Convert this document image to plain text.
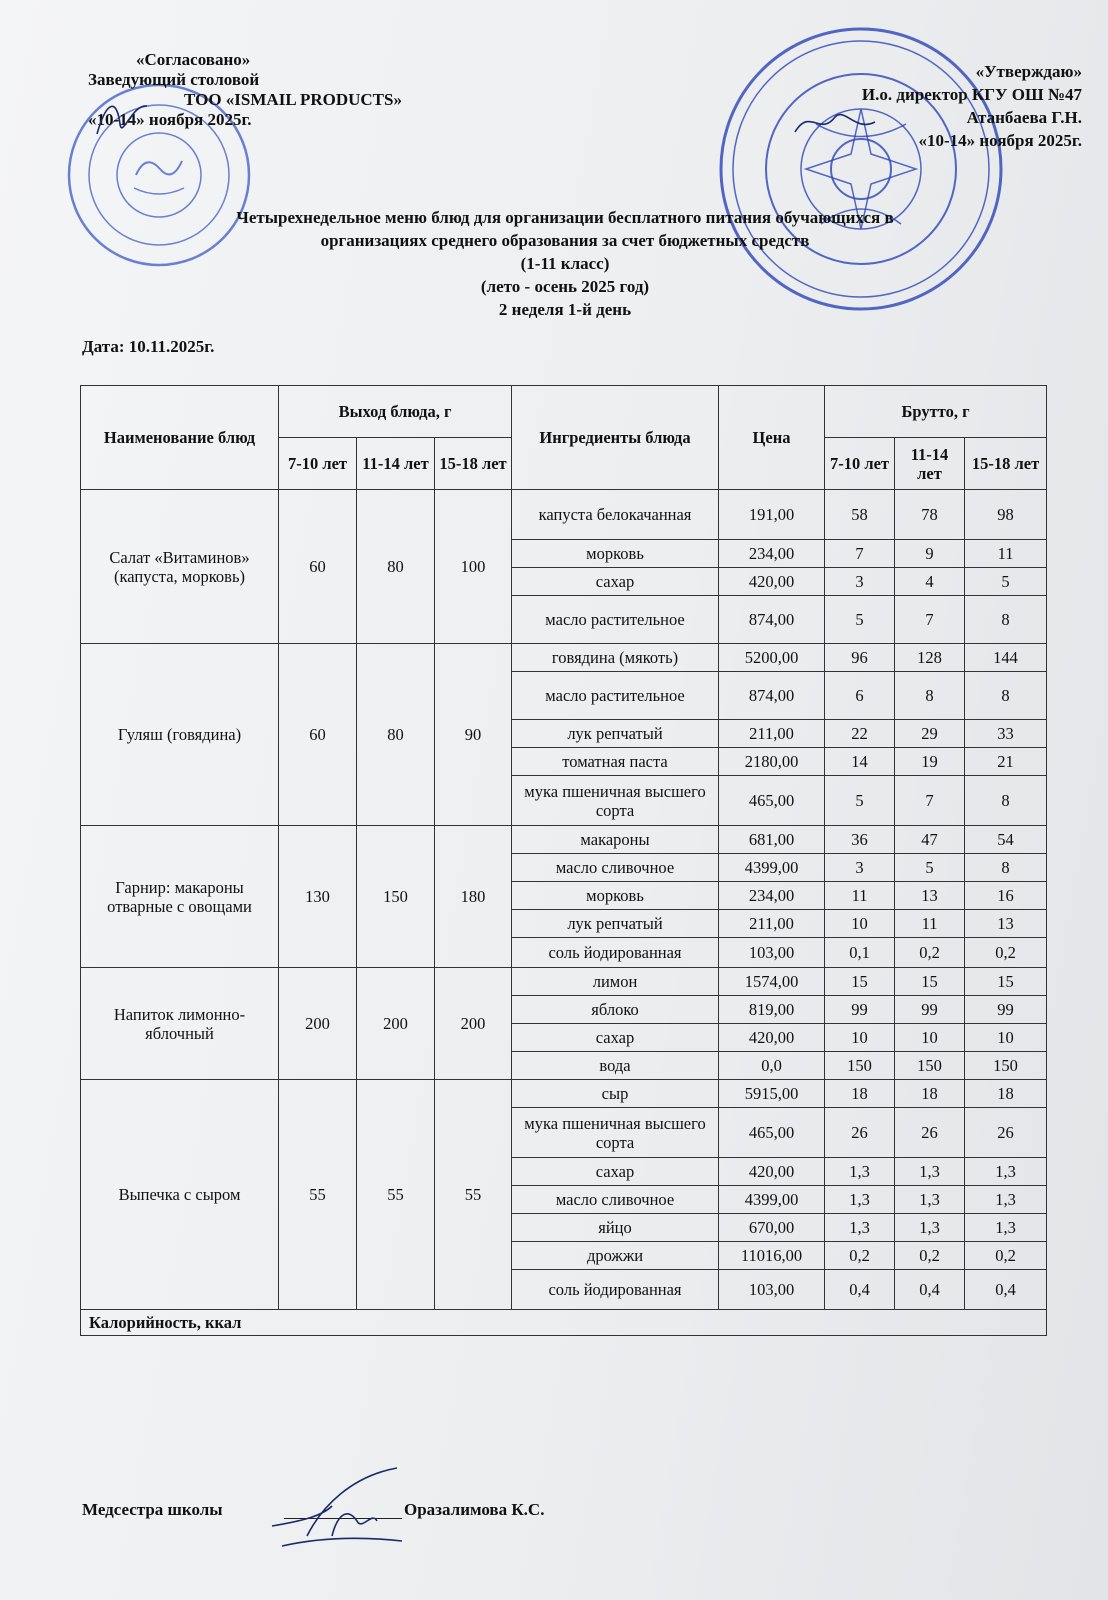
«Согласовано»
Заведующий столовой
ТОО «ISMAIL PRODUCTS»
«10-14» ноября 2025г.
«Утверждаю»
И.о. директор КГУ ОШ №47
Атанбаева Г.Н.
«10-14» ноября 2025г.
Четырехнедельное меню блюд для организации бесплатного питания обучающихся в
организациях среднего образования за счет бюджетных средств
(1-11 класс)
(лето - осень 2025 год)
2 неделя 1-й день
Дата: 10.11.2025г.
Наименование блюд	Выход блюда, г			Ингредиенты блюда	Цена	Брутто, г		
	7-10 лет	11-14 лет	15-18 лет			7-10 лет	11-14 лет	15-18 лет
Салат «Витаминов» (капуста, морковь)	60	80	100	капуста белокачанная	191,00	58	78	98
				морковь	234,00	7	9	11
				сахар	420,00	3	4	5
				масло растительное	874,00	5	7	8
Гуляш (говядина)	60	80	90	говядина (мякоть)	5200,00	96	128	144
				масло растительное	874,00	6	8	8
				лук репчатый	211,00	22	29	33
				томатная паста	2180,00	14	19	21
				мука пшеничная высшего сорта	465,00	5	7	8
Гарнир: макароны отварные с овощами	130	150	180	макароны	681,00	36	47	54
				масло сливочное	4399,00	3	5	8
				морковь	234,00	11	13	16
				лук репчатый	211,00	10	11	13
				соль йодированная	103,00	0,1	0,2	0,2
Напиток лимонно-яблочный	200	200	200	лимон	1574,00	15	15	15
				яблоко	819,00	99	99	99
				сахар	420,00	10	10	10
				вода	0,0	150	150	150
Выпечка с сыром	55	55	55	сыр	5915,00	18	18	18
				мука пшеничная высшего сорта	465,00	26	26	26
				сахар	420,00	1,3	1,3	1,3
				масло сливочное	4399,00	1,3	1,3	1,3
				яйцо	670,00	1,3	1,3	1,3
				дрожжи	11016,00	0,2	0,2	0,2
				соль йодированная	103,00	0,4	0,4	0,4
Калорийность, ккал								
Медсестра школы	Оразалимова К.С.
